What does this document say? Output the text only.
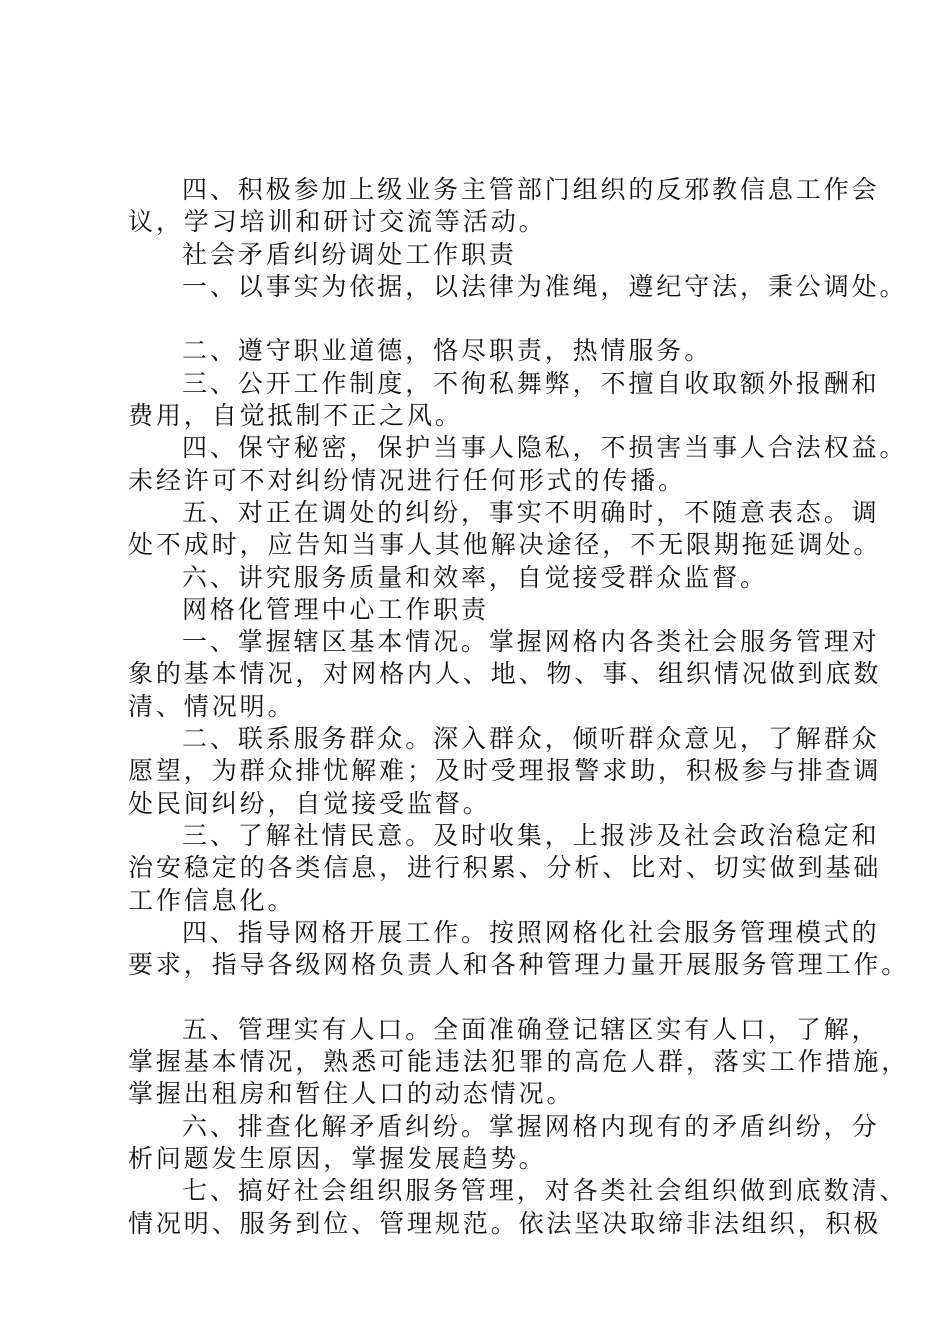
四、积极参加上级业务主管部门组织的反邪教信息工作会
议，学习培训和研讨交流等活动。
社会矛盾纠纷调处工作职责
一、以事实为依据，以法律为准绳，遵纪守法，秉公调处。
二、遵守职业道德，恪尽职责，热情服务。
三、公开工作制度，不徇私舞弊，不擅自收取额外报酬和
费用，自觉抵制不正之风。
四、保守秘密，保护当事人隐私，不损害当事人合法权益。
未经许可不对纠纷情况进行任何形式的传播。
五、对正在调处的纠纷，事实不明确时，不随意表态。调
处不成时，应告知当事人其他解决途径，不无限期拖延调处。
六、讲究服务质量和效率，自觉接受群众监督。
网格化管理中心工作职责
一、掌握辖区基本情况。掌握网格内各类社会服务管理对
象的基本情况，对网格内人、地、物、事、组织情况做到底数
清、情况明。
二、联系服务群众。深入群众，倾听群众意见，了解群众
愿望，为群众排忧解难；及时受理报警求助，积极参与排查调
处民间纠纷，自觉接受监督。
三、了解社情民意。及时收集，上报涉及社会政治稳定和
治安稳定的各类信息，进行积累、分析、比对、切实做到基础
工作信息化。
四、指导网格开展工作。按照网格化社会服务管理模式的
要求，指导各级网格负责人和各种管理力量开展服务管理工作。
五、管理实有人口。全面准确登记辖区实有人口，了解，
掌握基本情况，熟悉可能违法犯罪的高危人群，落实工作措施，
掌握出租房和暂住人口的动态情况。
六、排查化解矛盾纠纷。掌握网格内现有的矛盾纠纷，分
析问题发生原因，掌握发展趋势。
七、搞好社会组织服务管理，对各类社会组织做到底数清、
情况明、服务到位、管理规范。依法坚决取缔非法组织，积极
